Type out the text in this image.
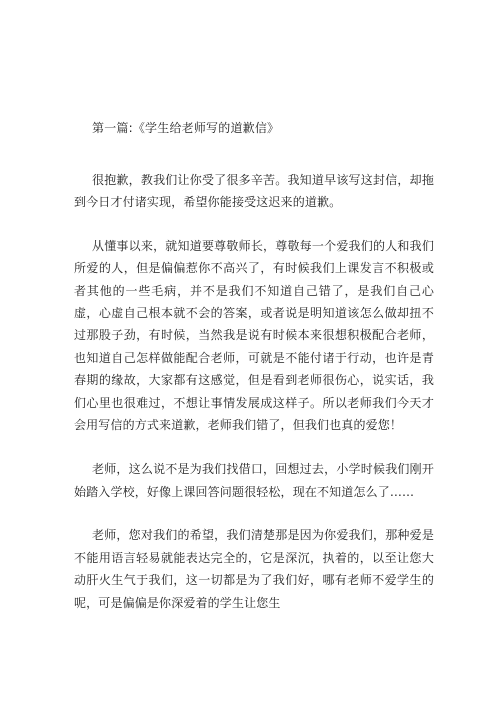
第一篇:《学生给老师写的道歉信》

很抱歉，教我们让你受了很多辛苦。我知道早该写这封信，却拖到今日才付诸实现，希望你能接受这迟来的道歉。

从懂事以来，就知道要尊敬师长，尊敬每一个爱我们的人和我们所爱的人，但是偏偏惹你不高兴了，有时候我们上课发言不积极或者其他的一些毛病，并不是我们不知道自己错了，是我们自己心虚，心虚自己根本就不会的答案，或者说是明知道该怎么做却扭不过那股子劲，有时候，当然我是说有时候本来很想积极配合老师，也知道自己怎样做能配合老师，可就是不能付诸于行动，也许是青春期的缘故，大家都有这感觉，但是看到老师很伤心，说实话，我们心里也很难过，不想让事情发展成这样子。所以老师我们今天才会用写信的方式来道歉，老师我们错了，但我们也真的爱您！

老师，这么说不是为我们找借口，回想过去，小学时候我们刚开始踏入学校，好像上课回答问题很轻松，现在不知道怎么了……

老师，您对我们的希望，我们清楚那是因为你爱我们，那种爱是不能用语言轻易就能表达完全的，它是深沉，执着的，以至让您大动肝火生气于我们，这一切都是为了我们好，哪有老师不爱学生的呢，可是偏偏是你深爱着的学生让您生
